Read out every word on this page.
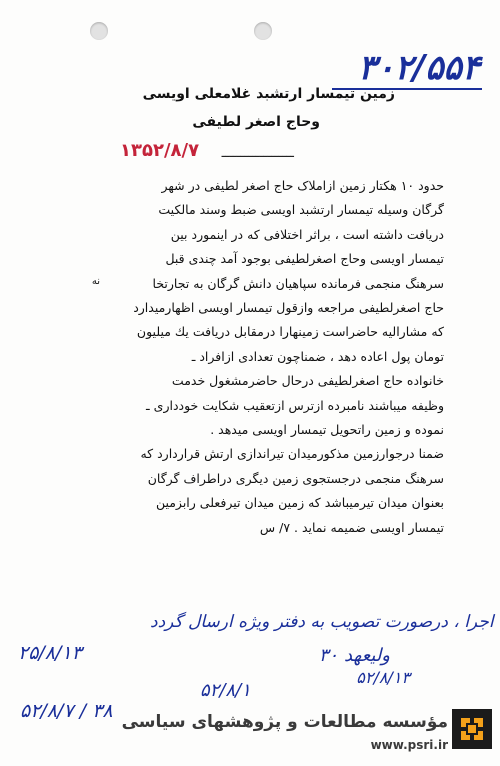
۳۰۲/۵۵۴
زمین تیمسار ارتشبد غلامعلی اویسی
وحاج اصغر لطیفی
۱۳۵۲/۸/۷ ـــــــــــــــــــ
نه
حدود ۱۰ هکتار زمین ازاملاک حاج اصغر لطیفی در شهر
گرگان وسیله تیمسار ارتشبد اویسی ضبط وسند مالکیت
دریافت داشته است ، براثر اختلافی که در اینمورد بین
تیمسار اویسی وحاج اصغرلطیفی بوجود آمد چندی قبل
سرهنگ منجمی فرمانده سپاهیان دانش گرگان به تجارتخا
حاج اصغرلطیفی مراجعه وازقول تیمسار اویسی اظهارمیدارد
که مشارالیه حاضراست زمینهارا درمقابل دریافت یك میلیون
تومان پول اعاده دهد ، ضمناچون تعدادی ازافراد ـ
خانواده حاج اصغرلطیفی درحال حاضرمشغول خدمت
وظیفه میباشند نامبرده ازترس ازتعقیب شکایت خودداری ـ
نموده و زمین راتحویل تیمسار اویسی میدهد .
ضمنا درجوارزمین مذکورمیدان تیراندازی ارتش قراردارد که
سرهنگ منجمی درجستجوی زمین دیگری دراطراف گرگان
بعنوان میدان تیرمیباشد که زمین میدان تیرفعلی رابزمین
تیمسار اویسی ضمیمه نماید . ۷/ س
اجرا ، درصورت تصویب به دفتر ویژه ارسال گردد
ولیعهد ۳۰
۵۲/۸/۱۳
۲۵/۸/۱۳
۳۸ / ۵۲/۸/۷
۵۲/۸/۱
مؤسسه مطالعات و پژوهشهای سیاسی
www.psri.ir
